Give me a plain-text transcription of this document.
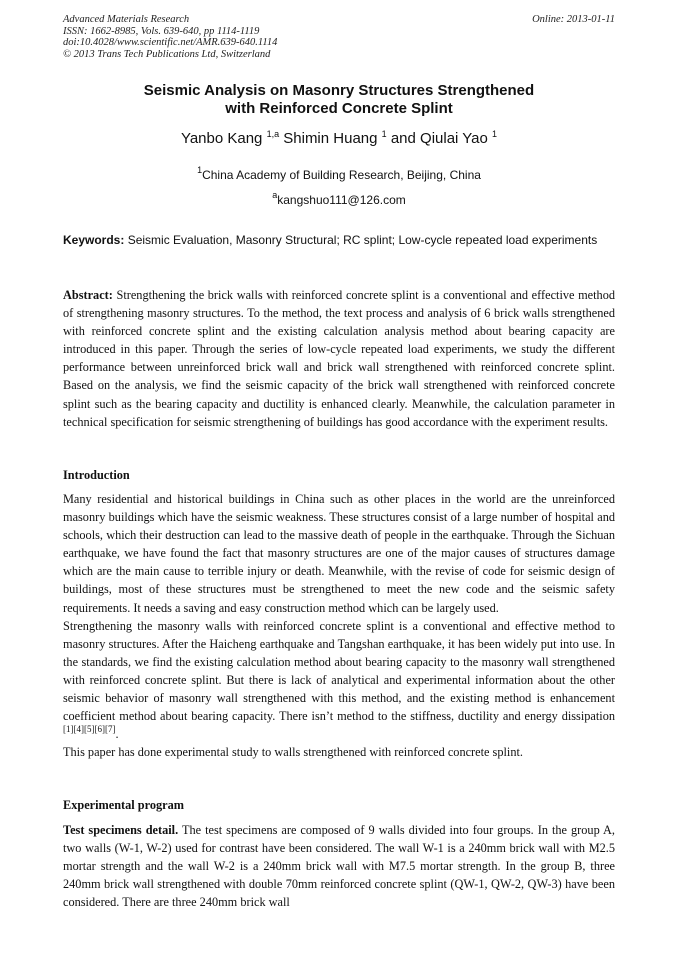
Advanced Materials Research
ISSN: 1662-8985, Vols. 639-640, pp 1114-1119
doi:10.4028/www.scientific.net/AMR.639-640.1114
© 2013 Trans Tech Publications Ltd, Switzerland
Online: 2013-01-11
Seismic Analysis on Masonry Structures Strengthened
with Reinforced Concrete Splint
Yanbo Kang $^{1,a}$ Shimin Huang $^1$ and Qiulai Yao $^1$
$^1$China Academy of Building Research, Beijing, China
$^a$kangshuo111@126.com
Keywords: Seismic Evaluation, Masonry Structural; RC splint; Low-cycle repeated load experiments
Abstract: Strengthening the brick walls with reinforced concrete splint is a conventional and effective method of strengthening masonry structures. To the method, the text process and analysis of 6 brick walls strengthened with reinforced concrete splint and the existing calculation analysis method about bearing capacity are introduced in this paper. Through the series of low-cycle repeated load experiments, we study the different performance between unreinforced brick wall and brick wall strengthened with reinforced concrete splint. Based on the analysis, we find the seismic capacity of the brick wall strengthened with reinforced concrete splint such as the bearing capacity and ductility is enhanced clearly. Meanwhile, the calculation parameter in technical specification for seismic strengthening of buildings has good accordance with the experiment results.
Introduction

Many residential and historical buildings in China such as other places in the world are the unreinforced masonry buildings which have the seismic weakness. These structures consist of a large number of hospital and schools, which their destruction can lead to the massive death of people in the earthquake. Through the Sichuan earthquake, we have found the fact that masonry structures are one of the major causes of structures damage which are the main cause to terrible injury or death. Meanwhile, with the revise of code for seismic design of buildings, most of these structures must be strengthened to meet the new code and the seismic safety requirements. It needs a saving and easy construction method which can be largely used.

Strengthening the masonry walls with reinforced concrete splint is a conventional and effective method to masonry structures. After the Haicheng earthquake and Tangshan earthquake, it has been widely put into use. In the standards, we find the existing calculation method about bearing capacity to the masonry wall strengthened with reinforced concrete splint. But there is lack of analytical and experimental information about the other seismic behavior of masonry wall strengthened with this method, and the existing method is enhancement coefficient method about bearing capacity. There isn’t method to the stiffness, ductility and energy dissipation [1][4][5][6][7].

This paper has done experimental study to walls strengthened with reinforced concrete splint.

Experimental program
Test specimens detail. The test specimens are composed of 9 walls divided into four groups. In the group A, two walls (W-1, W-2) used for contrast have been considered. The wall W-1 is a 240mm brick wall with M2.5 mortar strength and the wall W-2 is a 240mm brick wall with M7.5 mortar strength. In the group B, three 240mm brick wall strengthened with double 70mm reinforced concrete splint (QW-1, QW-2, QW-3) have been considered. There are three 240mm brick wall
